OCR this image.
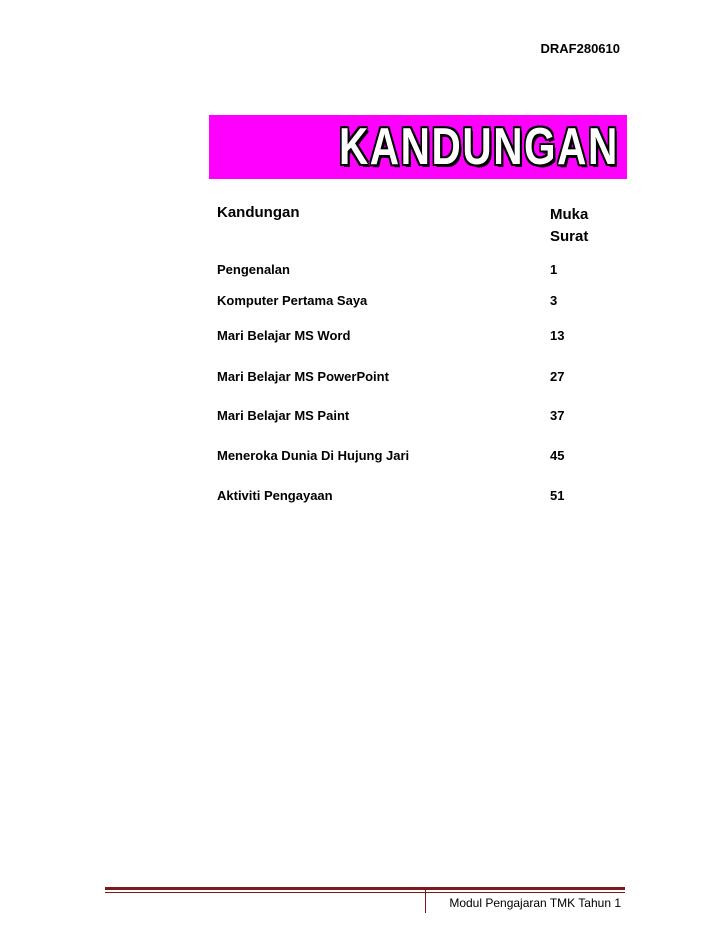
DRAF280610
KANDUNGAN
Kandungan	Muka
Surat
Pengenalan	1
Komputer Pertama Saya	3
Mari Belajar MS Word	13
Mari Belajar MS PowerPoint	27
Mari Belajar MS Paint	37
Meneroka Dunia Di Hujung Jari	45
Aktiviti Pengayaan	51
Modul Pengajaran TMK Tahun 1
